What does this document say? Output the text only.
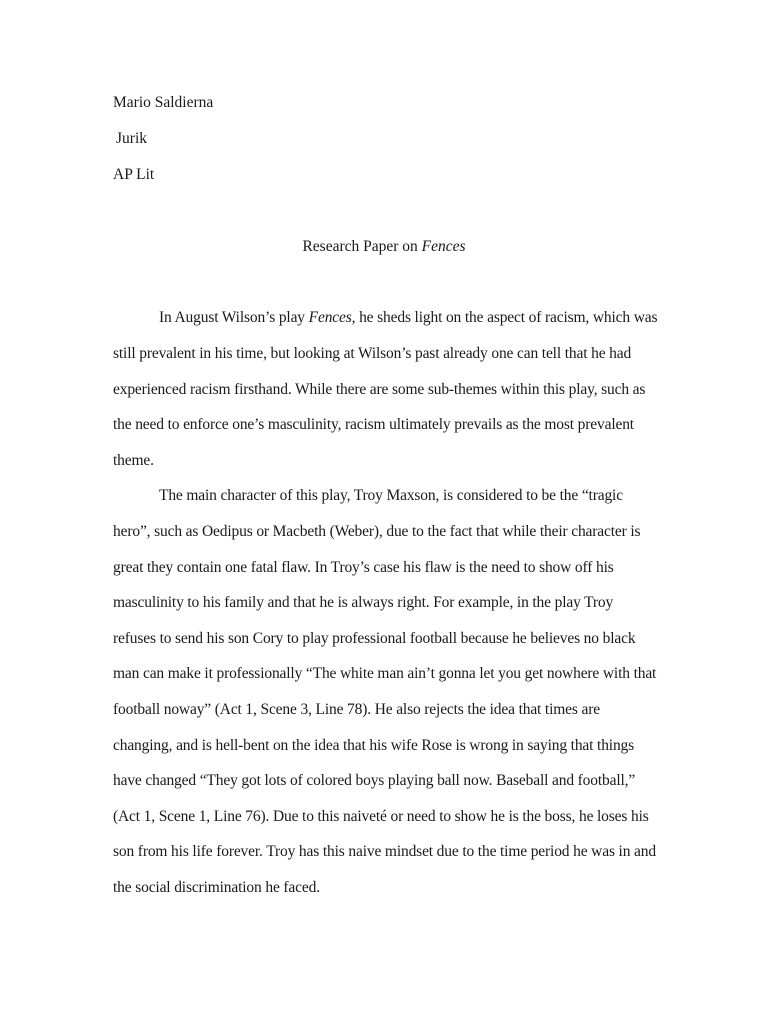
Mario Saldierna
Jurik
AP Lit
Research Paper on Fences
In August Wilson’s play Fences, he sheds light on the aspect of racism, which was
still prevalent in his time, but looking at Wilson’s past already one can tell that he had
experienced racism firsthand. While there are some sub-themes within this play, such as
the need to enforce one’s masculinity, racism ultimately prevails as the most prevalent
theme.
The main character of this play, Troy Maxson, is considered to be the “tragic
hero”, such as Oedipus or Macbeth (Weber), due to the fact that while their character is
great they contain one fatal flaw. In Troy’s case his flaw is the need to show off his
masculinity to his family and that he is always right. For example, in the play Troy
refuses to send his son Cory to play professional football because he believes no black
man can make it professionally “The white man ain’t gonna let you get nowhere with that
football noway” (Act 1, Scene 3, Line 78). He also rejects the idea that times are
changing, and is hell-bent on the idea that his wife Rose is wrong in saying that things
have changed “They got lots of colored boys playing ball now. Baseball and football,”
(Act 1, Scene 1, Line 76). Due to this naiveté or need to show he is the boss, he loses his
son from his life forever. Troy has this naive mindset due to the time period he was in and
the social discrimination he faced.
